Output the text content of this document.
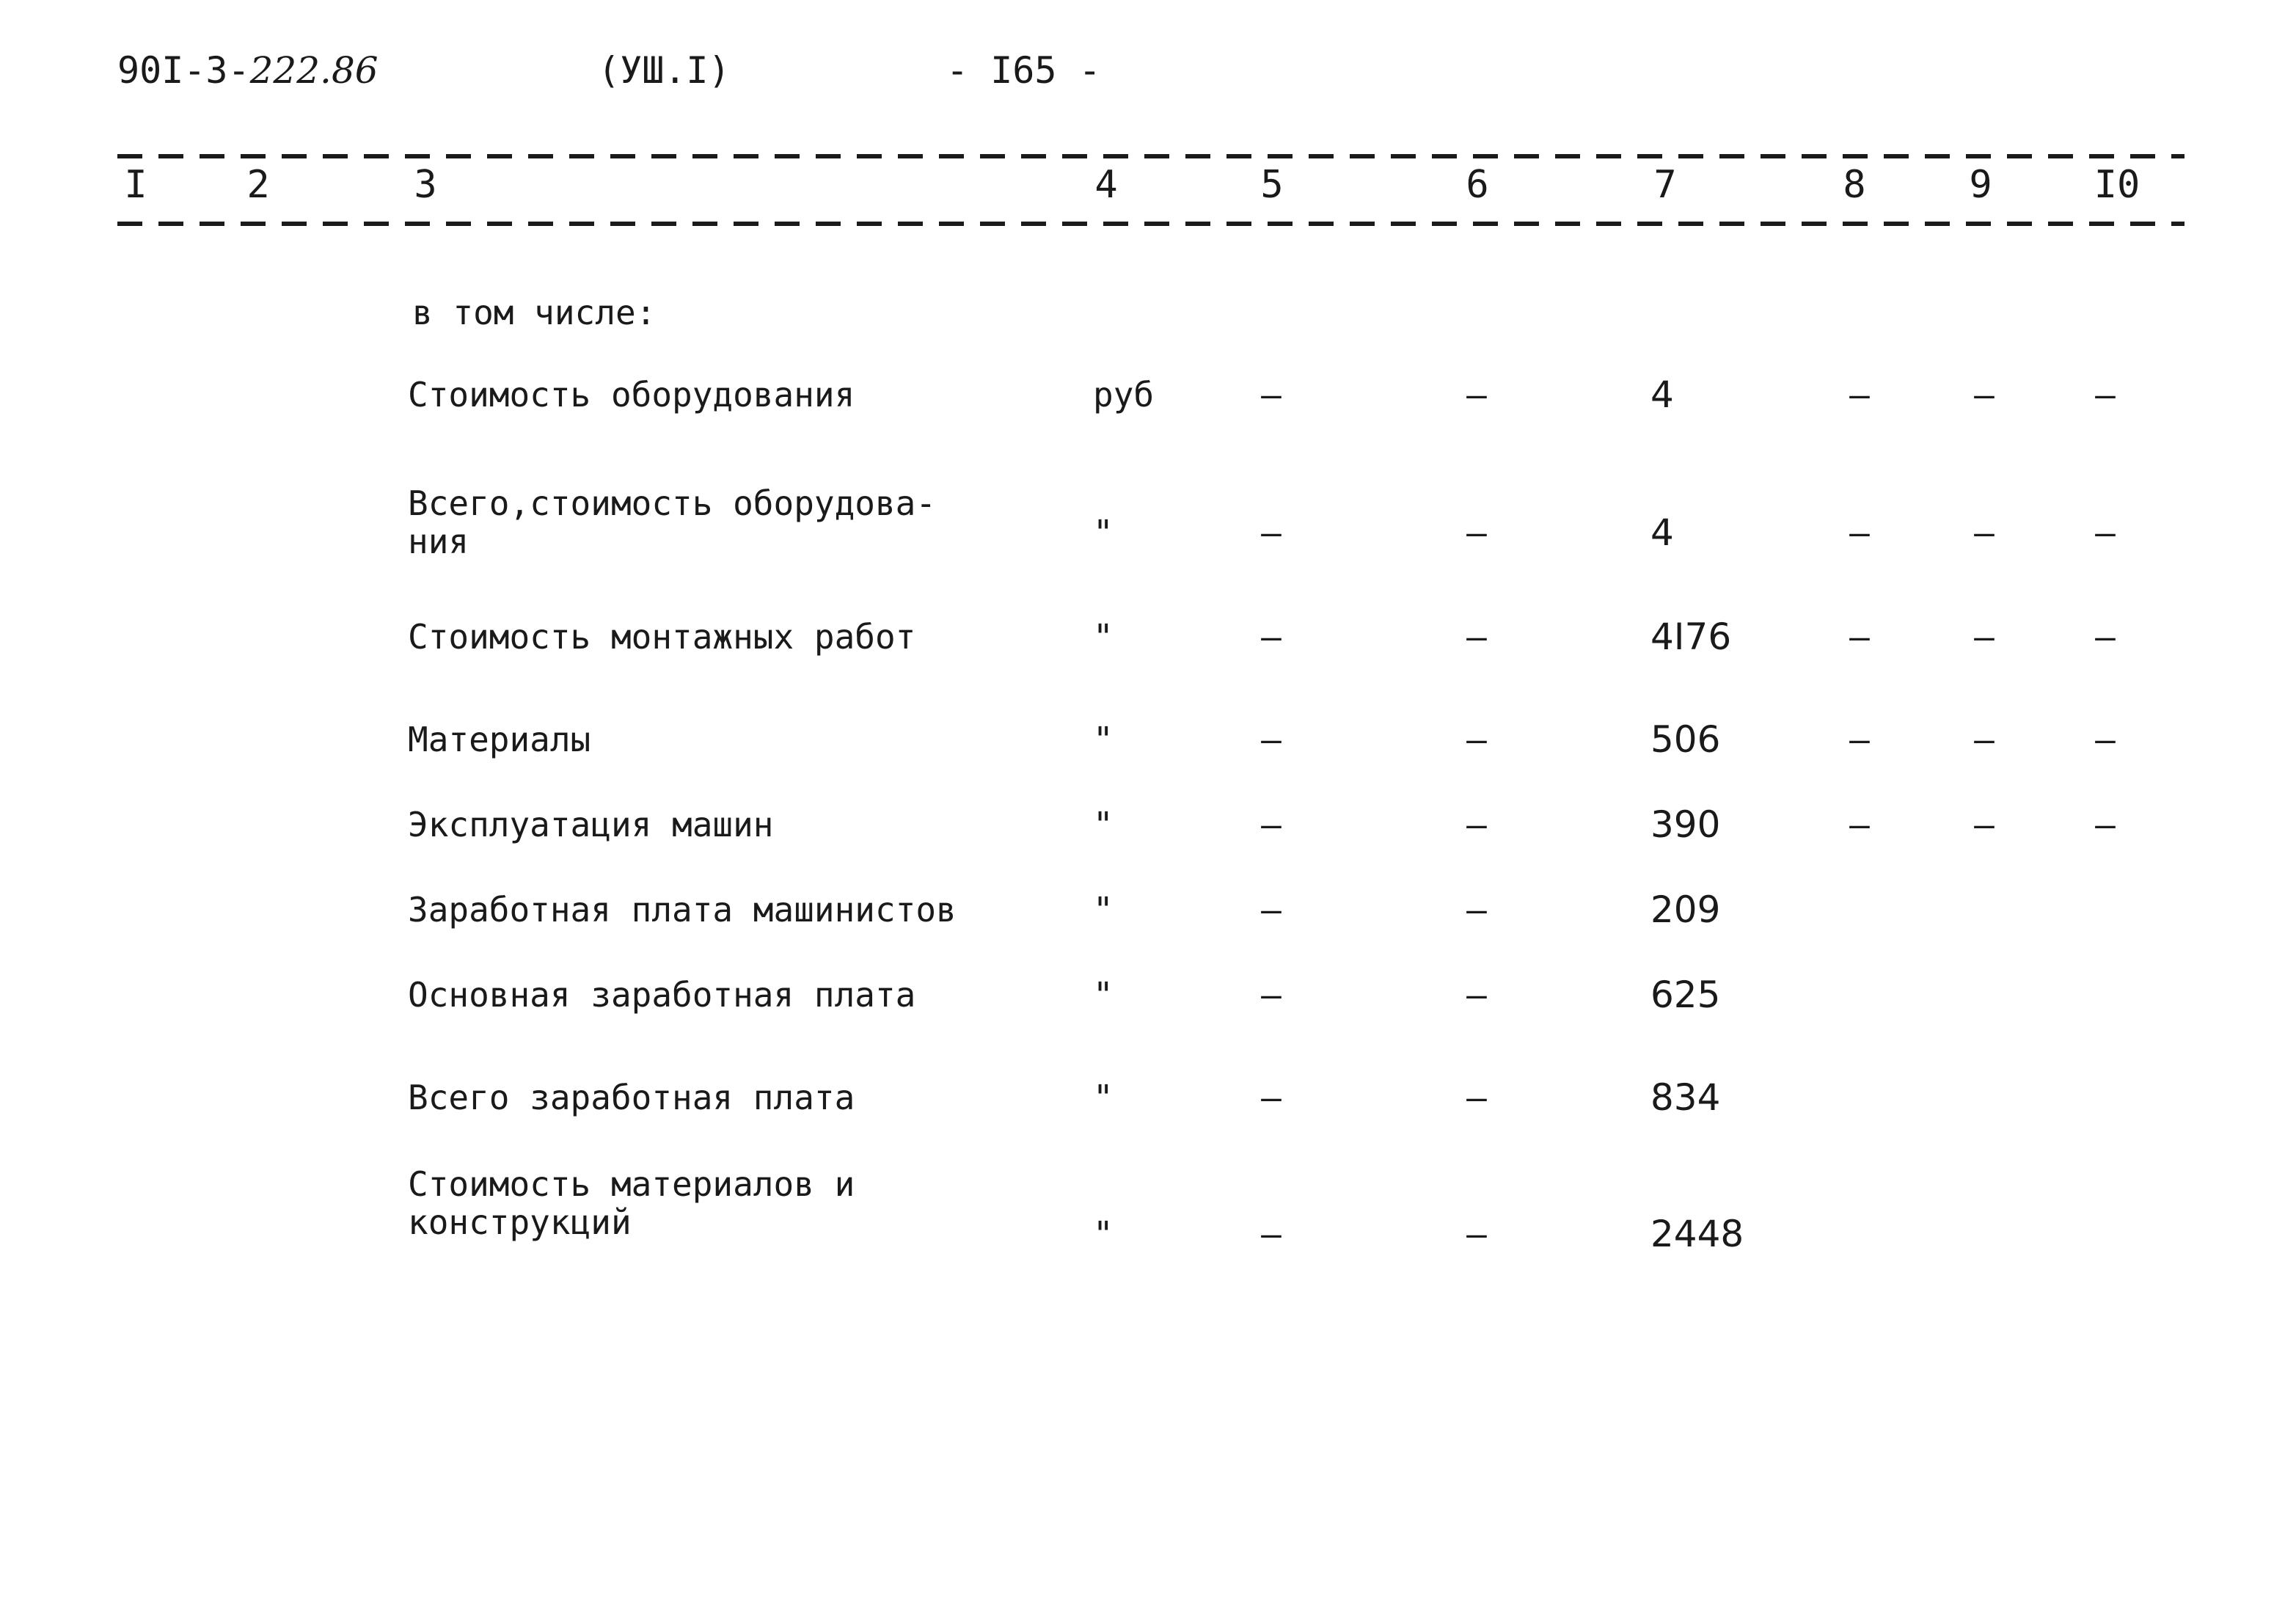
90I-3-222.86	(УШ.I)	- I65 -
I	2	3	4	5	6	7	8	9	I0
в том числе:
Стоимость оборудования	руб	–	–	4	–	–	–
Всего,стоимость оборудова-
ния	"	–	–	4	–	–	–
Стоимость монтажных работ	"	–	–	4I76	–	–	–
Материалы	"	–	–	506	–	–	–
Эксплуатация машин	"	–	–	390	–	–	–
Заработная плата машинистов	"	–	–	209
Основная заработная плата	"	–	–	625
Всего заработная плата	"	–	–	834
Стоимость материалов и
конструкций	"	–	–	2448
